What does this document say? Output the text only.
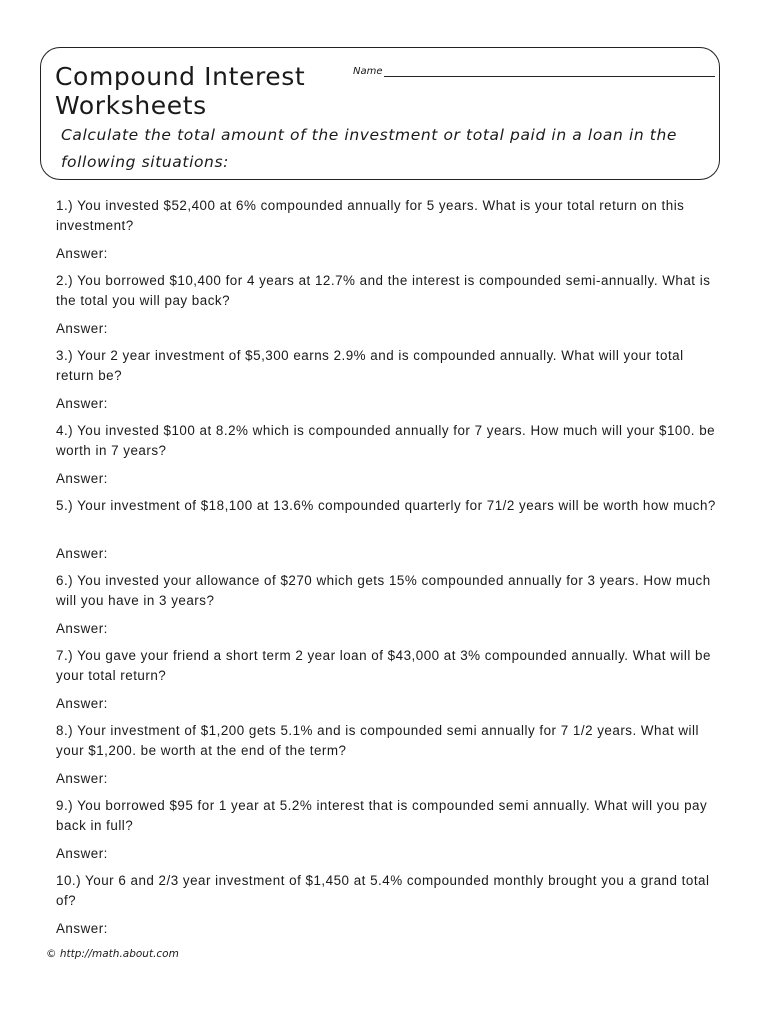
Compound Interest
Worksheets
Name

Calculate the total amount of the investment or total paid in a loan in the following situations:

1.) You invested $52,400 at 6% compounded annually for 5 years. What is your total return on this investment?

Answer:

2.) You borrowed $10,400 for 4 years at 12.7% and the interest is compounded semi-annually. What is the total you will pay back?

Answer:

3.) Your 2 year investment of $5,300 earns 2.9% and is compounded annually. What will your total return be?

Answer:

4.) You invested $100 at 8.2% which is compounded annually for 7 years. How much will your $100. be worth in 7 years?

Answer:

5.) Your investment of $18,100 at 13.6% compounded quarterly for 71/2 years will be worth how much?

Answer:

6.) You invested your allowance of $270 which gets 15% compounded annually for 3 years. How much will you have in 3 years?

Answer:

7.) You gave your friend a short term 2 year loan of $43,000 at 3% compounded annually. What will be your total return?

Answer:

8.) Your investment of $1,200 gets 5.1% and is compounded semi annually for 7 1/2 years. What will your $1,200. be worth at the end of the term?

Answer:

9.) You borrowed $95 for 1 year at 5.2% interest that is compounded semi annually. What will you pay back in full?

Answer:

10.) Your 6 and 2/3 year investment of $1,450 at 5.4% compounded monthly brought you a grand total of?

Answer:
© http://math.about.com
